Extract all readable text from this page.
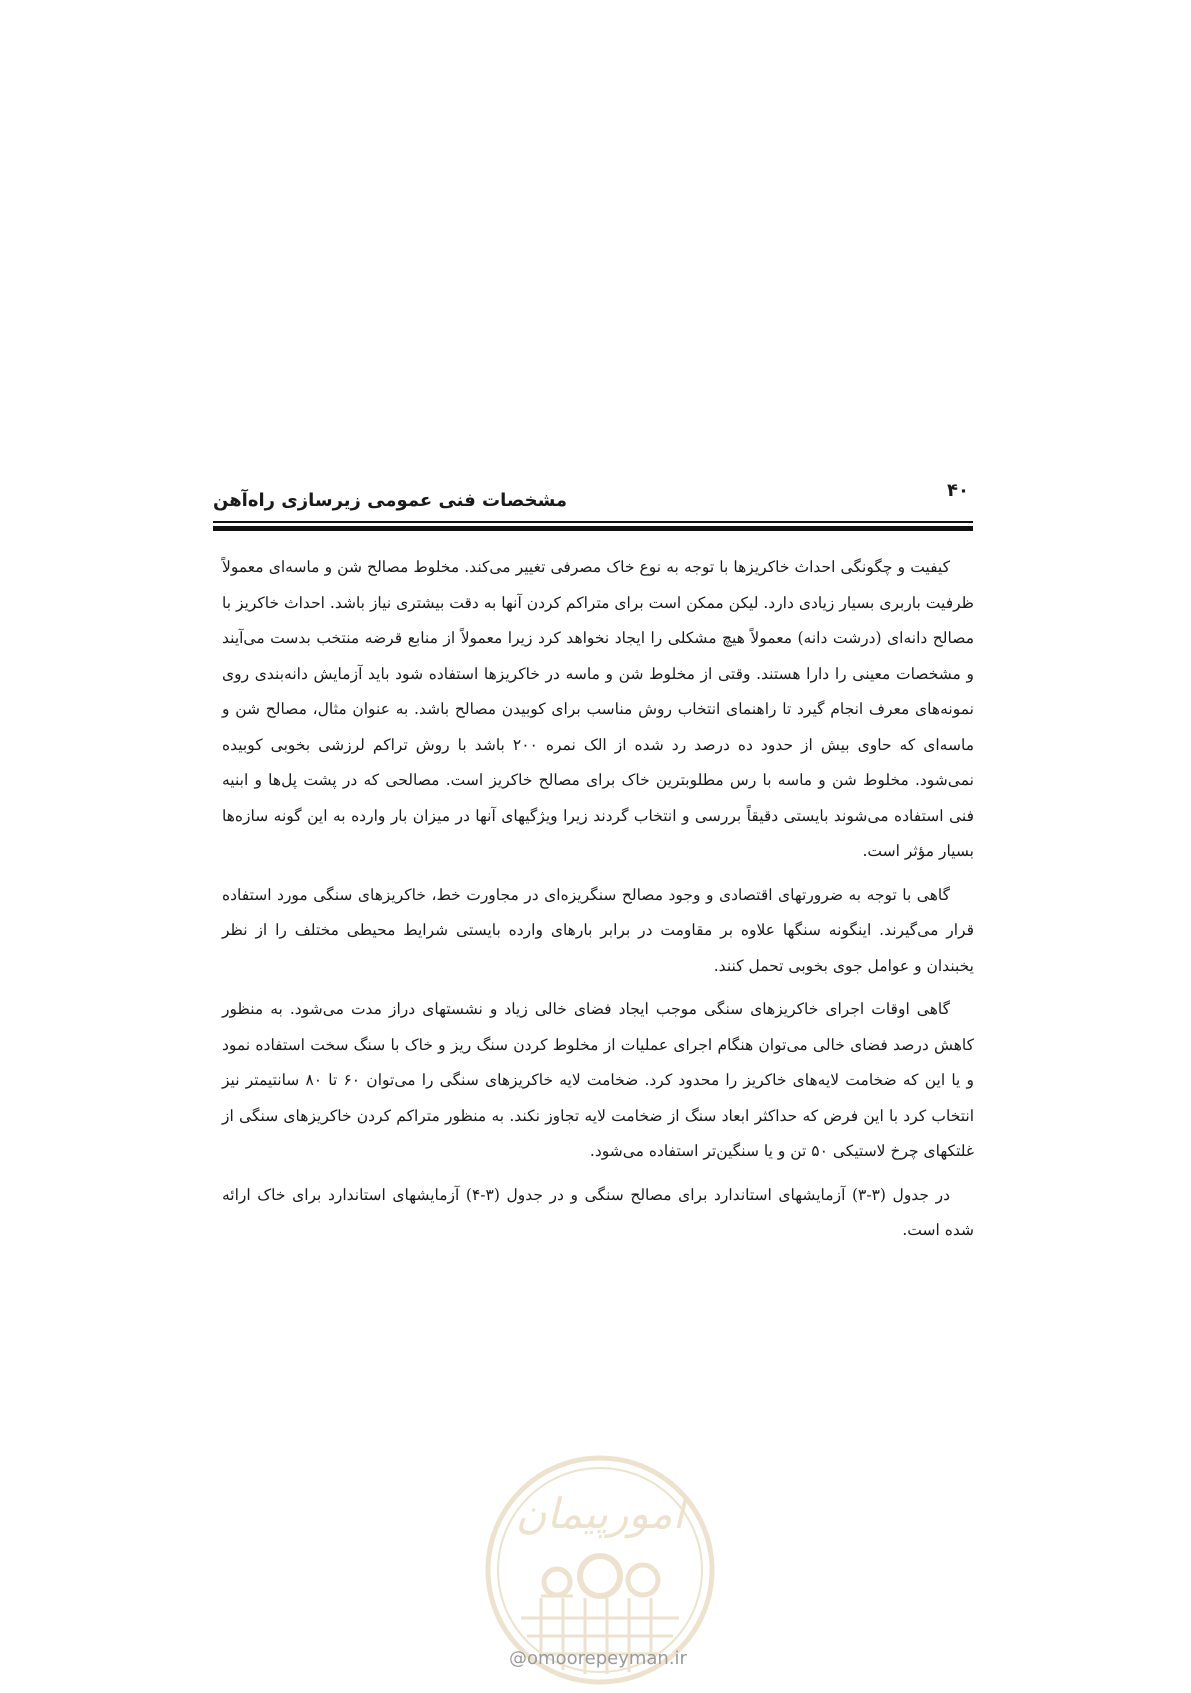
مشخصات فنی عمومی زیرسازی راه‌آهن	۴۰

کیفیت و چگونگی احداث خاکریزها با توجه به نوع خاک مصرفی تغییر می‌کند. مخلوط مصالح شن و ماسه‌ای معمولاً ظرفیت باربری بسیار زیادی دارد. لیکن ممکن است برای متراکم کردن آنها به دقت بیشتری نیاز باشد. احداث خاکریز با مصالح دانه‌ای (درشت دانه) معمولاً هیچ مشکلی را ایجاد نخواهد کرد زیرا معمولاً از منابع قرضه منتخب بدست می‌آیند و مشخصات معینی را دارا هستند. وقتی از مخلوط شن و ماسه در خاکریزها استفاده شود باید آزمایش دانه‌بندی روی نمونه‌های معرف انجام گیرد تا راهنمای انتخاب روش مناسب برای کوبیدن مصالح باشد. به عنوان مثال، مصالح شن و ماسه‌ای که حاوی بیش از حدود ده درصد رد شده از الک نمره ۲۰۰ باشد با روش تراکم لرزشی بخوبی کوبیده نمی‌شود. مخلوط شن و ماسه با رس مطلوبترین خاک برای مصالح خاکریز است. مصالحی که در پشت پل‌ها و ابنیه فنی استفاده می‌شوند بایستی دقیقاً بررسی و انتخاب گردند زیرا ویژگیهای آنها در میزان بار وارده به این گونه سازه‌ها بسیار مؤثر است.

گاهی با توجه به ضرورتهای اقتصادی و وجود مصالح سنگریزه‌ای در مجاورت خط، خاکریزهای سنگی مورد استفاده قرار می‌گیرند. اینگونه سنگها علاوه بر مقاومت در برابر بارهای وارده بایستی شرایط محیطی مختلف را از نظر یخبندان و عوامل جوی بخوبی تحمل کنند.

گاهی اوقات اجرای خاکریزهای سنگی موجب ایجاد فضای خالی زیاد و نشستهای دراز مدت می‌شود. به منظور کاهش درصد فضای خالی می‌توان هنگام اجرای عملیات از مخلوط کردن سنگ ریز و خاک با سنگ سخت استفاده نمود و یا این که ضخامت لایه‌های خاکریز را محدود کرد. ضخامت لایه خاکریزهای سنگی را می‌توان ۶۰ تا ۸۰ سانتیمتر نیز انتخاب کرد با این فرض که حداکثر ابعاد سنگ از ضخامت لایه تجاوز نکند. به منظور متراکم کردن خاکریزهای سنگی از غلتکهای چرخ لاستیکی ۵۰ تن و یا سنگین‌تر استفاده می‌شود.

در جدول (۳-۳) آزمایشهای استاندارد برای مصالح سنگی و در جدول (۳-۴) آزمایشهای استاندارد برای خاک ارائه شده است.

امورپیمان
@omoorepeyman.ir
